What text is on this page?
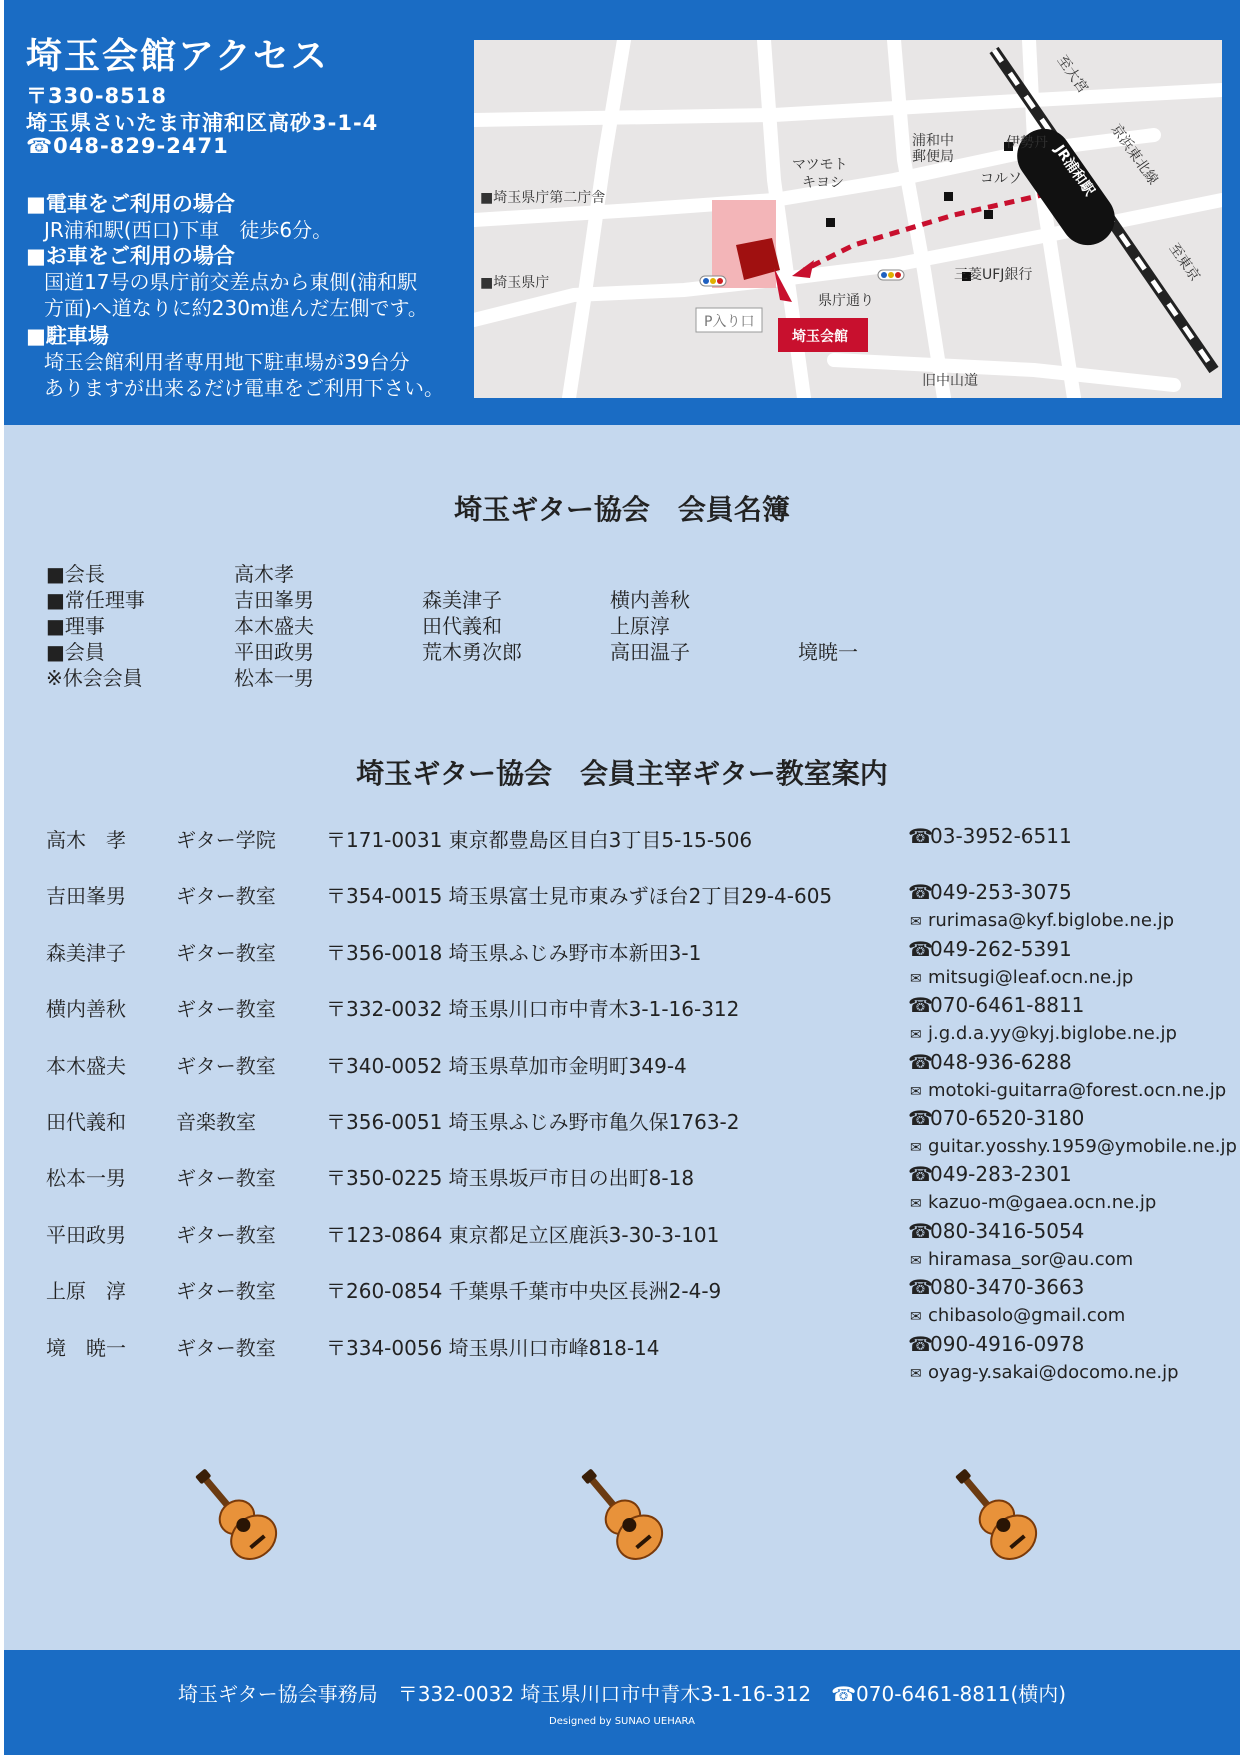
埼玉会館アクセス
〒330-8518
埼玉県さいたま市浦和区高砂3-1-4
☎048-829-2471
■電車をご利用の場合
JR浦和駅(西口)下車　徒歩6分。
■お車をご利用の場合
国道17号の県庁前交差点から東側(浦和駅
方面)へ道なりに約230m進んだ左側です。
■駐車場
埼玉会館利用者専用地下駐車場が39台分
ありますが出来るだけ電車をご利用下さい。
■埼玉県庁第二庁舎
■埼玉県庁
マツモト
キヨシ
浦和中
郵便局
伊勢丹
コルソ
三菱UFJ銀行
県庁通り
P入り口
埼玉会館
旧中山道
JR浦和駅
至大宮
至東京
京浜東北線
埼玉ギター協会　会員名簿
■会長	高木孝
■常任理事	吉田峯男	森美津子	横内善秋
■理事	本木盛夫	田代義和	上原淳
■会員	平田政男	荒木勇次郎	高田温子	境暁一
※休会会員	松本一男
埼玉ギター協会　会員主宰ギター教室案内
高木　孝	ギター学院	〒171-0031 東京都豊島区目白3丁目5-15-506	☎03-3952-6511
吉田峯男	ギター教室	〒354-0015 埼玉県富士見市東みずほ台2丁目29-4-605	☎049-253-3075
✉ rurimasa@kyf.biglobe.ne.jp
森美津子	ギター教室	〒356-0018 埼玉県ふじみ野市本新田3-1	☎049-262-5391
✉ mitsugi@leaf.ocn.ne.jp
横内善秋	ギター教室	〒332-0032 埼玉県川口市中青木3-1-16-312	☎070-6461-8811
✉ j.g.d.a.yy@kyj.biglobe.ne.jp
本木盛夫	ギター教室	〒340-0052 埼玉県草加市金明町349-4	☎048-936-6288
✉ motoki-guitarra@forest.ocn.ne.jp
田代義和	音楽教室	〒356-0051 埼玉県ふじみ野市亀久保1763-2	☎070-6520-3180
✉ guitar.yosshy.1959@ymobile.ne.jp
松本一男	ギター教室	〒350-0225 埼玉県坂戸市日の出町8-18	☎049-283-2301
✉ kazuo-m@gaea.ocn.ne.jp
平田政男	ギター教室	〒123-0864 東京都足立区鹿浜3-30-3-101	☎080-3416-5054
✉ hiramasa_sor@au.com
上原　淳	ギター教室	〒260-0854 千葉県千葉市中央区長洲2-4-9	☎080-3470-3663
✉ chibasolo@gmail.com
境　暁一	ギター教室	〒334-0056 埼玉県川口市峰818-14	☎090-4916-0978
✉ oyag-y.sakai@docomo.ne.jp
埼玉ギター協会事務局　〒332-0032 埼玉県川口市中青木3-1-16-312　☎070-6461-8811(横内)
Designed by SUNAO UEHARA
